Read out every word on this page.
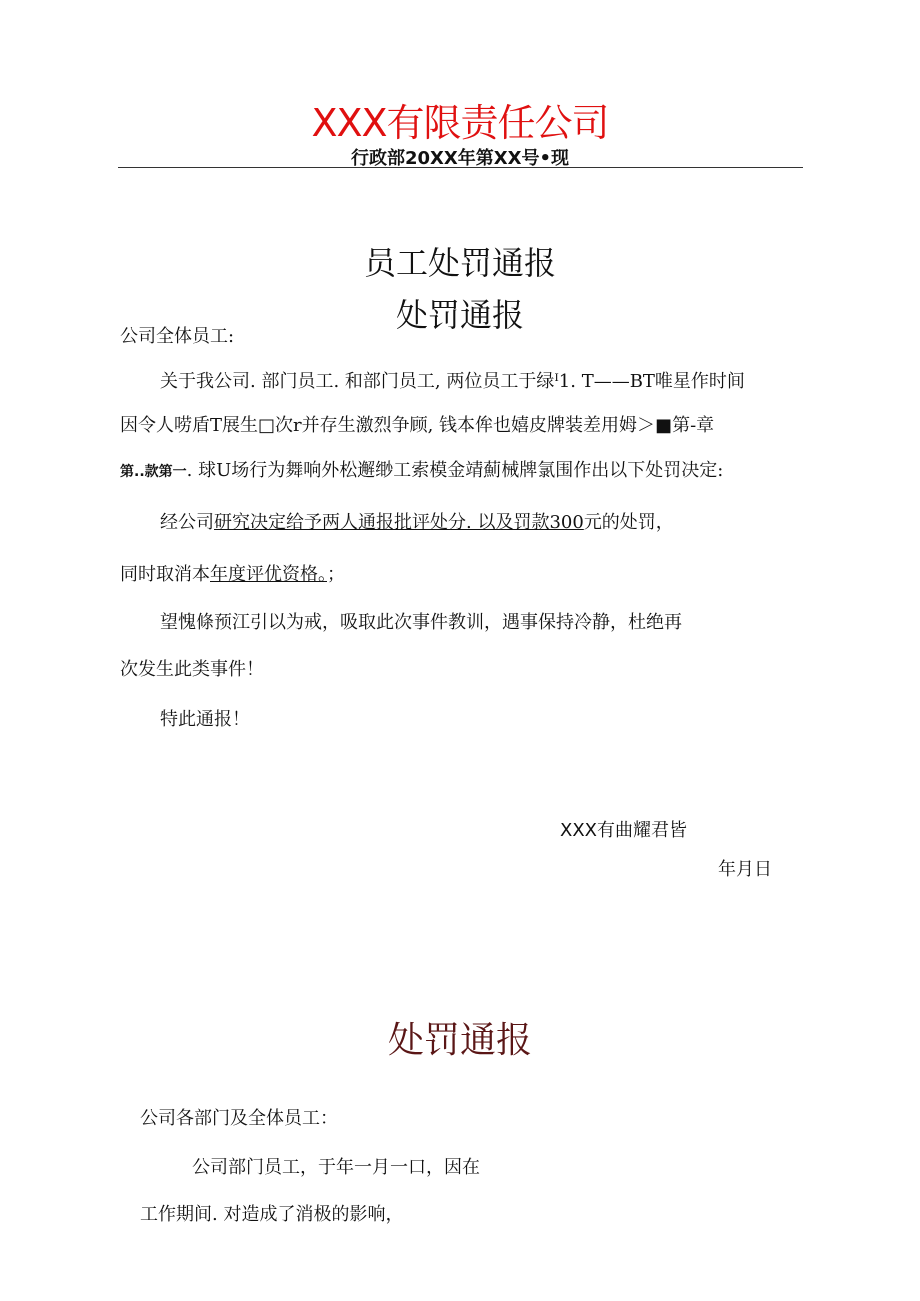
XXX有限责任公司
行政部20XX年第XX号•现
员工处罚通报
处罚通报
公司全体员工:
关于我公司. 部门员工. 和部门员工, 两位员工于绿ᴵ1. T——BT唯星作时间
因令人唠盾T展生□次r并存生激烈争顾, 钱本侔也嬉皮牌装差用姆＞■第-章
第..款第一. 球U场行为舞响外松邂缈工索模金靖薊械牌氯围作出以下处罚决定:
经公司研究决定给予两人通报批评处分. 以及罚款300元的处罚，
同时取消本年度评优资格。；
望愧條预江引以为戒，吸取此次事件教训，遇事保持冷静，杜绝再
次发生此类事件！
特此通报！
XXX有曲耀君皆
年月日
处罚通报
公司各部门及全体员工：
公司部门员工，于年一月一口，因在
工作期间. 对造成了消极的影响，
